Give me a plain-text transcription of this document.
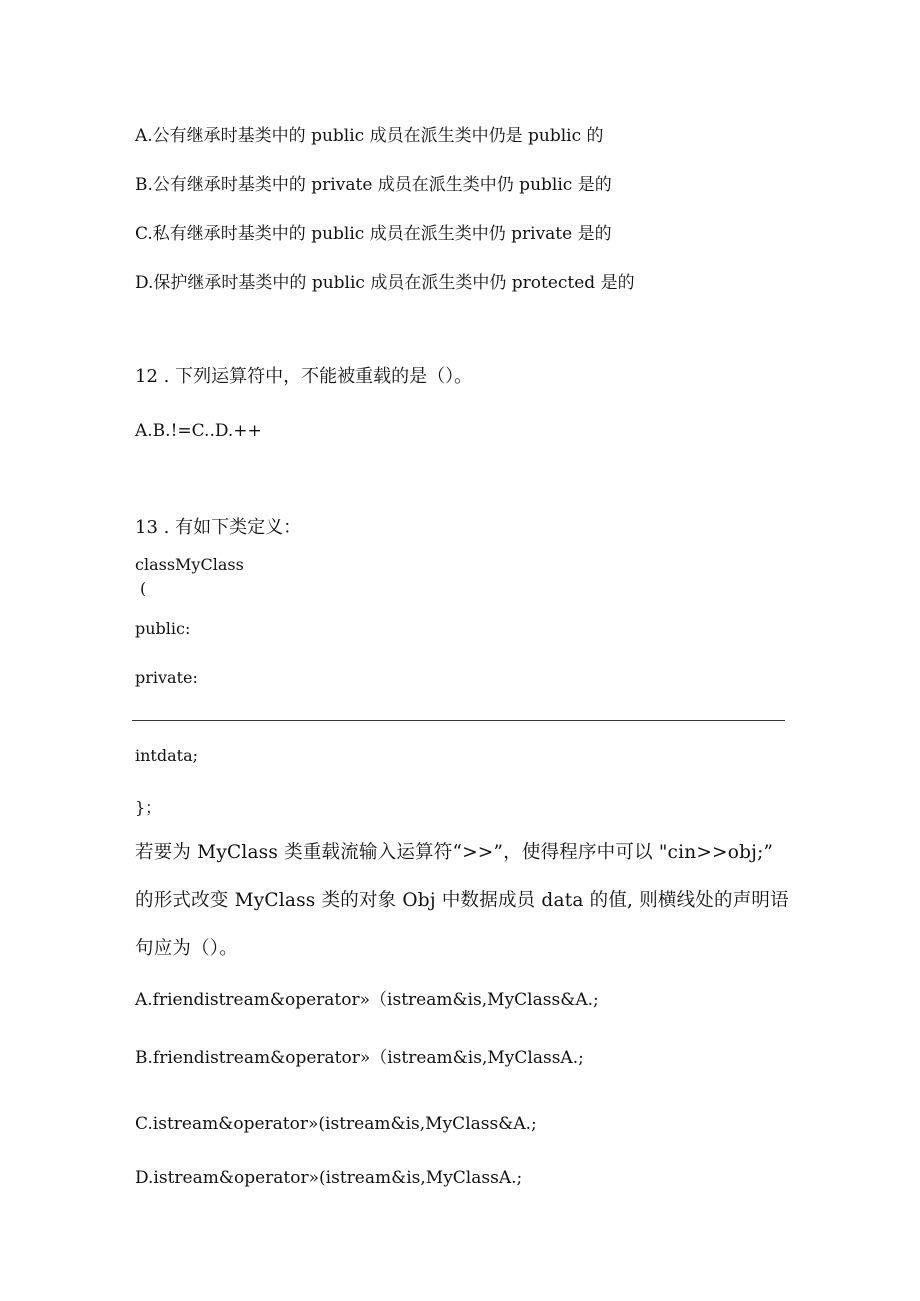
A.公有继承时基类中的 public 成员在派生类中仍是 public 的
B.公有继承时基类中的 private 成员在派生类中仍 public 是的
C.私有继承时基类中的 public 成员在派生类中仍 private 是的
D.保护继承时基类中的 public 成员在派生类中仍 protected 是的
12 . 下列运算符中，不能被重载的是（）。
A.B.!=C..D.++
13 . 有如下类定义：
classMyClass
(
public:
private:
intdata;
}；
若要为 MyClass 类重载流输入运算符“>>”，使得程序中可以 "cin>>obj;”
的形式改变 MyClass 类的对象 Obj 中数据成员 data 的值, 则横线处的声明语
句应为（）。
A.friendistream&operator»（istream&is,MyClass&A.;
B.friendistream&operator»（istream&is,MyClassA.;
C.istream&operator»(istream&is,MyClass&A.;
D.istream&operator»(istream&is,MyClassA.;
